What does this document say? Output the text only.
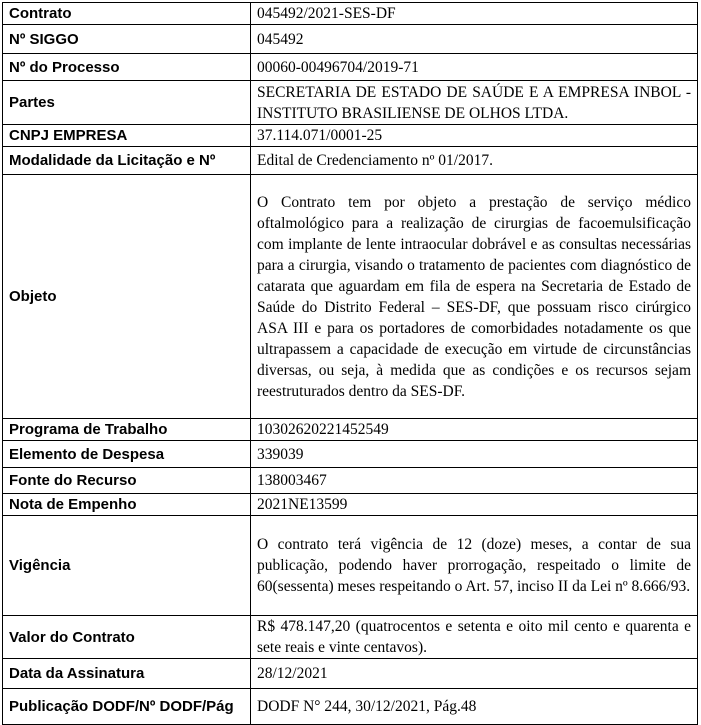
Contrato	045492/2021-SES-DF
Nº SIGGO	045492
Nº do Processo	00060-00496704/2019-71
Partes	SECRETARIA DE ESTADO DE SAÚDE E A EMPRESA INBOL - INSTITUTO BRASILIENSE DE OLHOS LTDA.
CNPJ EMPRESA	37.114.071/0001-25
Modalidade da Licitação e Nº	Edital de Credenciamento nº 01/2017.
Objeto	O Contrato tem por objeto a prestação de serviço médico oftalmológico para a realização de cirurgias de facoemulsificação com implante de lente intraocular dobrável e as consultas necessárias para a cirurgia, visando o tratamento de pacientes com diagnóstico de catarata que aguardam em fila de espera na Secretaria de Estado de Saúde do Distrito Federal – SES-DF, que possuam risco cirúrgico ASA III e para os portadores de comorbidades notadamente os que ultrapassem a capacidade de execução em virtude de circunstâncias diversas, ou seja, à medida que as condições e os recursos sejam reestruturados dentro da SES-DF.
Programa de Trabalho	10302620221452549
Elemento de Despesa	339039
Fonte do Recurso	138003467
Nota de Empenho	2021NE13599
Vigência	O contrato terá vigência de 12 (doze) meses, a contar de sua publicação, podendo haver prorrogação, respeitado o limite de 60(sessenta) meses respeitando o Art. 57, inciso II da Lei nº 8.666/93.
Valor do Contrato	R$ 478.147,20 (quatrocentos e setenta e oito mil cento e quarenta e sete reais e vinte centavos).
Data da Assinatura	28/12/2021
Publicação DODF/Nº DODF/Pág	DODF N° 244, 30/12/2021, Pág.48
